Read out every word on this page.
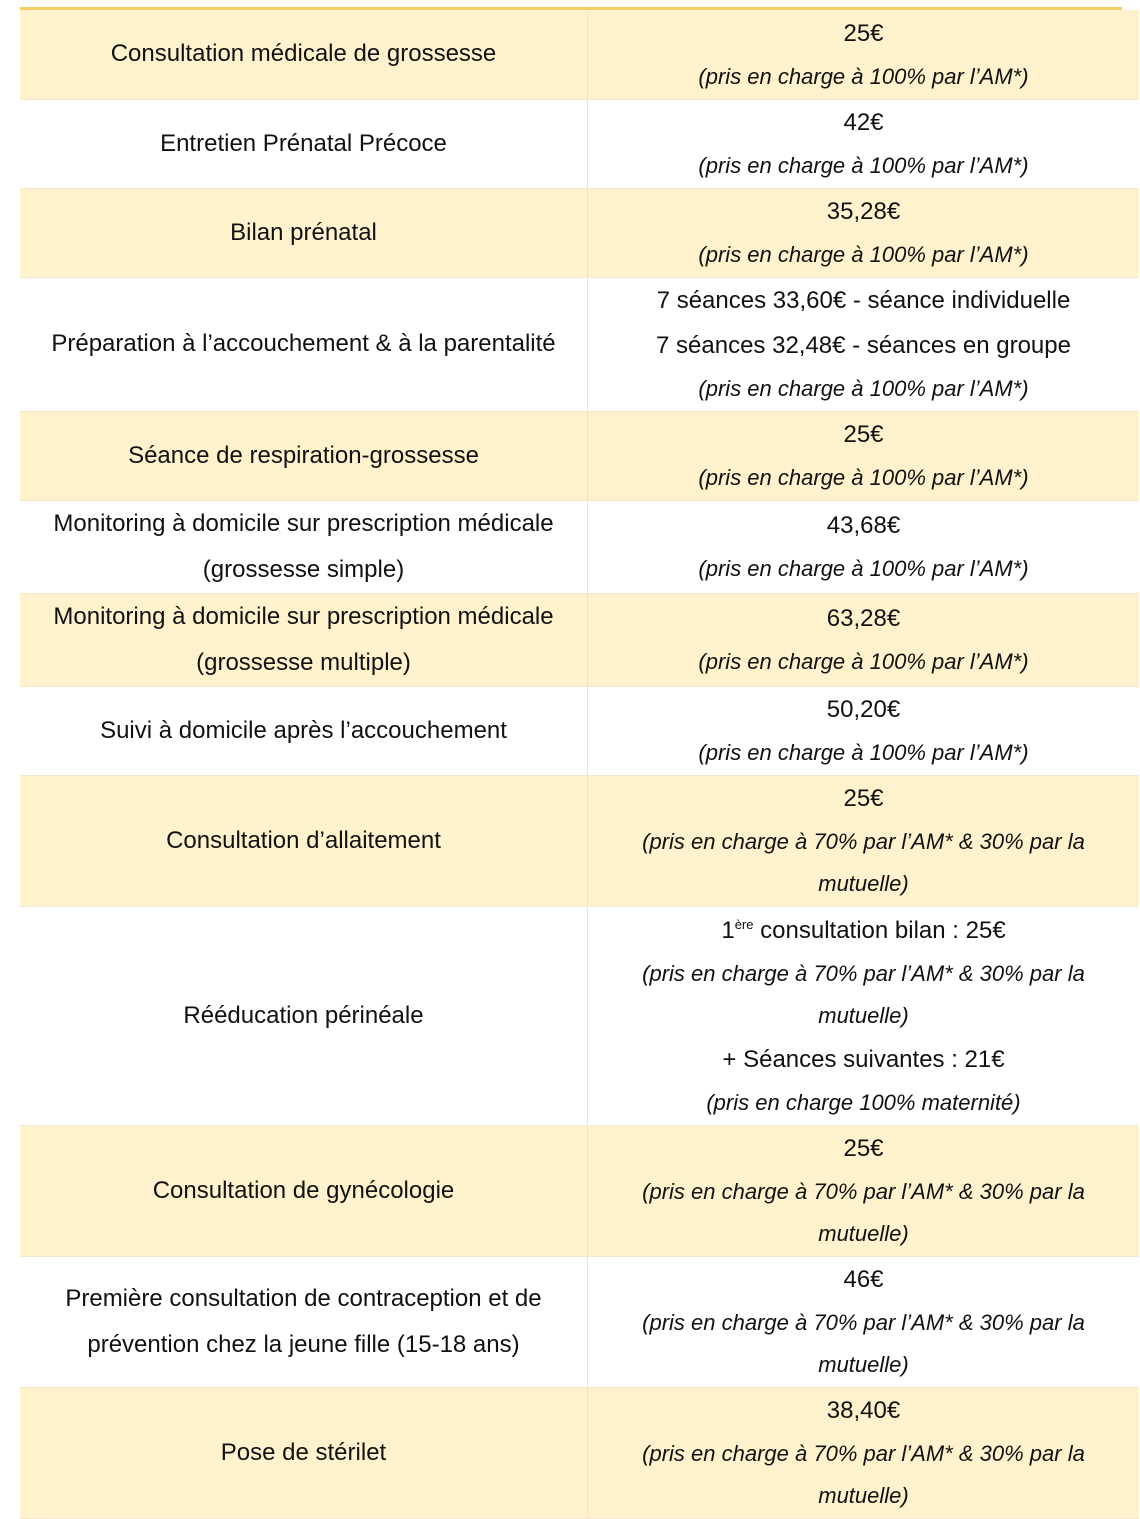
Consultation médicale de grossesse	25€
(pris en charge à 100% par l’AM*)

Entretien Prénatal Précoce	42€
(pris en charge à 100% par l’AM*)

Bilan prénatal	35,28€
(pris en charge à 100% par l’AM*)

Préparation à l’accouchement & à la parentalité	7 séances 33,60€ - séance individuelle
7 séances 32,48€ - séances en groupe
(pris en charge à 100% par l’AM*)

Séance de respiration-grossesse	25€
(pris en charge à 100% par l’AM*)

Monitoring à domicile sur prescription médicale (grossesse simple)	43,68€
(pris en charge à 100% par l’AM*)

Monitoring à domicile sur prescription médicale (grossesse multiple)	63,28€
(pris en charge à 100% par l’AM*)

Suivi à domicile après l’accouchement	50,20€
(pris en charge à 100% par l’AM*)

Consultation d’allaitement	25€
(pris en charge à 70% par l’AM* & 30% par la mutuelle)

Rééducation périnéale	1ère consultation bilan : 25€
(pris en charge à 70% par l’AM* & 30% par la mutuelle)
+ Séances suivantes : 21€
(pris en charge 100% maternité)

Consultation de gynécologie	25€
(pris en charge à 70% par l’AM* & 30% par la mutuelle)

Première consultation de contraception et de prévention chez la jeune fille (15-18 ans)	46€
(pris en charge à 70% par l’AM* & 30% par la mutuelle)

Pose de stérilet	38,40€
(pris en charge à 70% par l’AM* & 30% par la mutuelle)
